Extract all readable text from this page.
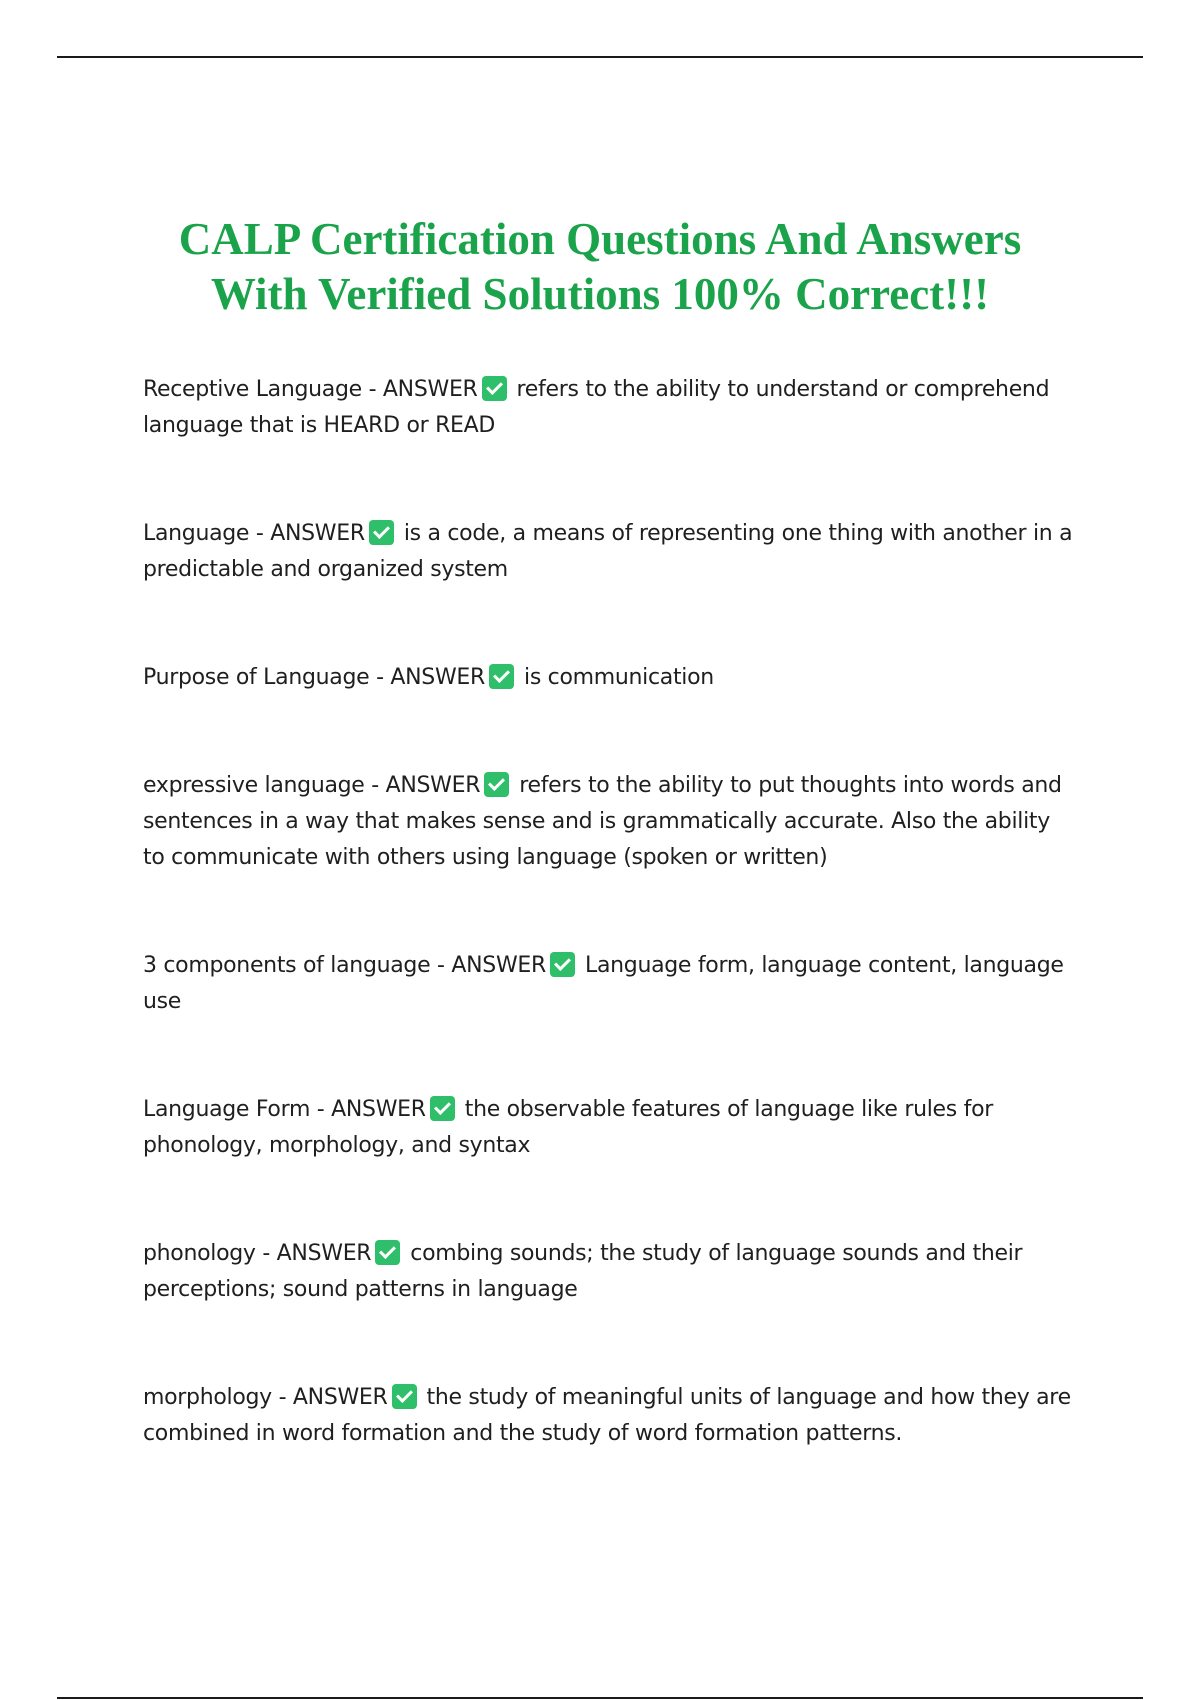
CALP Certification Questions And Answers
With Verified Solutions 100% Correct!!!
Receptive Language - ANSWER refers to the ability to understand or comprehend language that is HEARD or READ
Language - ANSWER is a code, a means of representing one thing with another in a predictable and organized system
Purpose of Language - ANSWER is communication
expressive language - ANSWER refers to the ability to put thoughts into words and sentences in a way that makes sense and is grammatically accurate. Also the ability to communicate with others using language (spoken or written)
3 components of language - ANSWER Language form, language content, language use
Language Form - ANSWER the observable features of language like rules for phonology, morphology, and syntax
phonology - ANSWER combing sounds; the study of language sounds and their perceptions; sound patterns in language
morphology - ANSWER the study of meaningful units of language and how they are combined in word formation and the study of word formation patterns.
